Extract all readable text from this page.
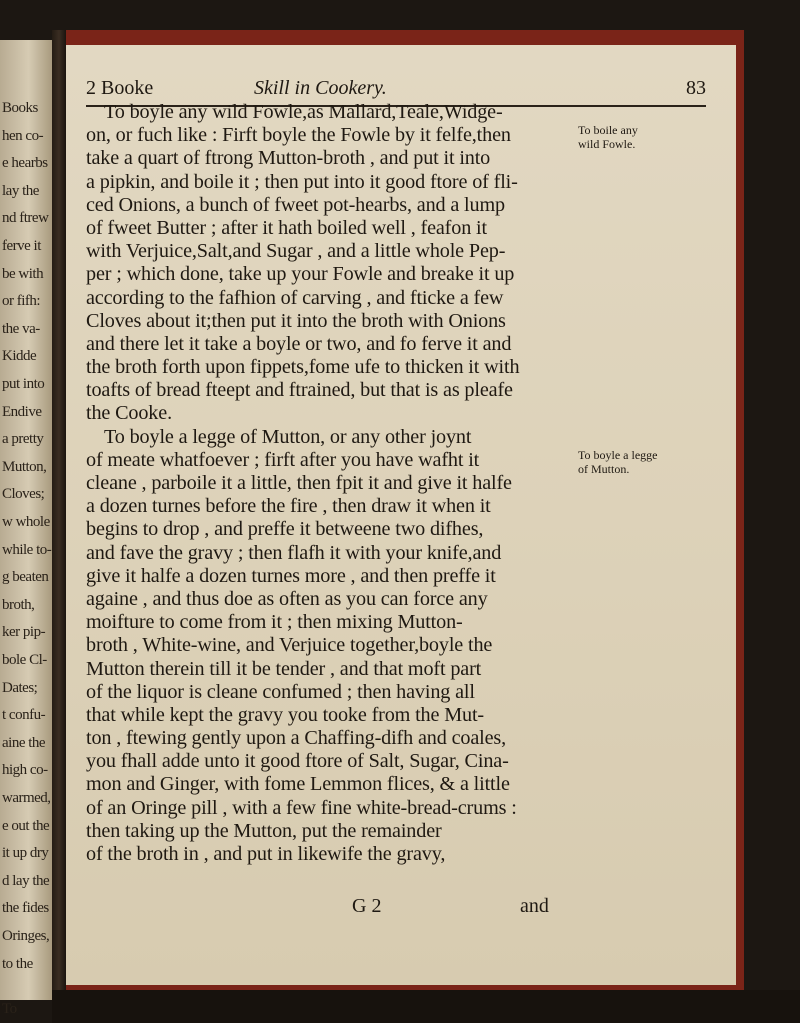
Books
hen co-
e hearbs
lay the
nd ftrew
ferve it
be with
or fifh:
the va-
Kidde
put into
Endive
a pretty
Mutton,
Cloves;
w whole
while to-
g beaten
broth,
ker pip-
bole Cl-
Dates;
t confu-
aine the
high co-
warmed,
e out the
it up dry
d lay the
the fides
Oringes,
to the
To
2 Booke	Skill in Cookery.	83
To boyle any wild Fowle,as Mallard,Teale,Widge-
on, or fuch like : Firft boyle the Fowle by it felfe,then
take a quart of ftrong Mutton-broth , and put it into
a pipkin, and boile it ; then put into it good ftore of fli-
ced Onions, a bunch of fweet pot-hearbs, and a lump
of fweet Butter ; after it hath boiled well , feafon it
with Verjuice,Salt,and Sugar , and a little whole Pep-
per ; which done, take up your Fowle and breake it up
according to the fafhion of carving , and fticke a few
Cloves about it;then put it into the broth with Onions
and there let it take a boyle or two, and fo ferve it and
the broth forth upon fippets,fome ufe to thicken it with
toafts of bread fteept and ftrained, but that is as pleafe
the Cooke.
To boyle a legge of Mutton, or any other joynt
of meate whatfoever ; firft after you have wafht it
cleane , parboile it a little, then fpit it and give it halfe
a dozen turnes before the fire , then draw it when it
begins to drop , and preffe it betweene two difhes,
and fave the gravy ; then flafh it with your knife,and
give it halfe a dozen turnes more , and then preffe it
againe , and thus doe as often as you can force any
moifture to come from it ; then mixing Mutton-
broth , White-wine, and Verjuice together,boyle the
Mutton therein till it be tender , and that moft part
of the liquor is cleane confumed ; then having all
that while kept the gravy you tooke from the Mut-
ton , ftewing gently upon a Chaffing-difh and coales,
you fhall adde unto it good ftore of Salt, Sugar, Cina-
mon and Ginger, with fome Lemmon flices, & a little
of an Oringe pill , with a few fine white-bread-crums :
then taking up the Mutton, put the remainder
of the broth in , and put in likewife the gravy,
To boile any
wild Fowle.
To boyle a legge
of Mutton.
G 2	and
